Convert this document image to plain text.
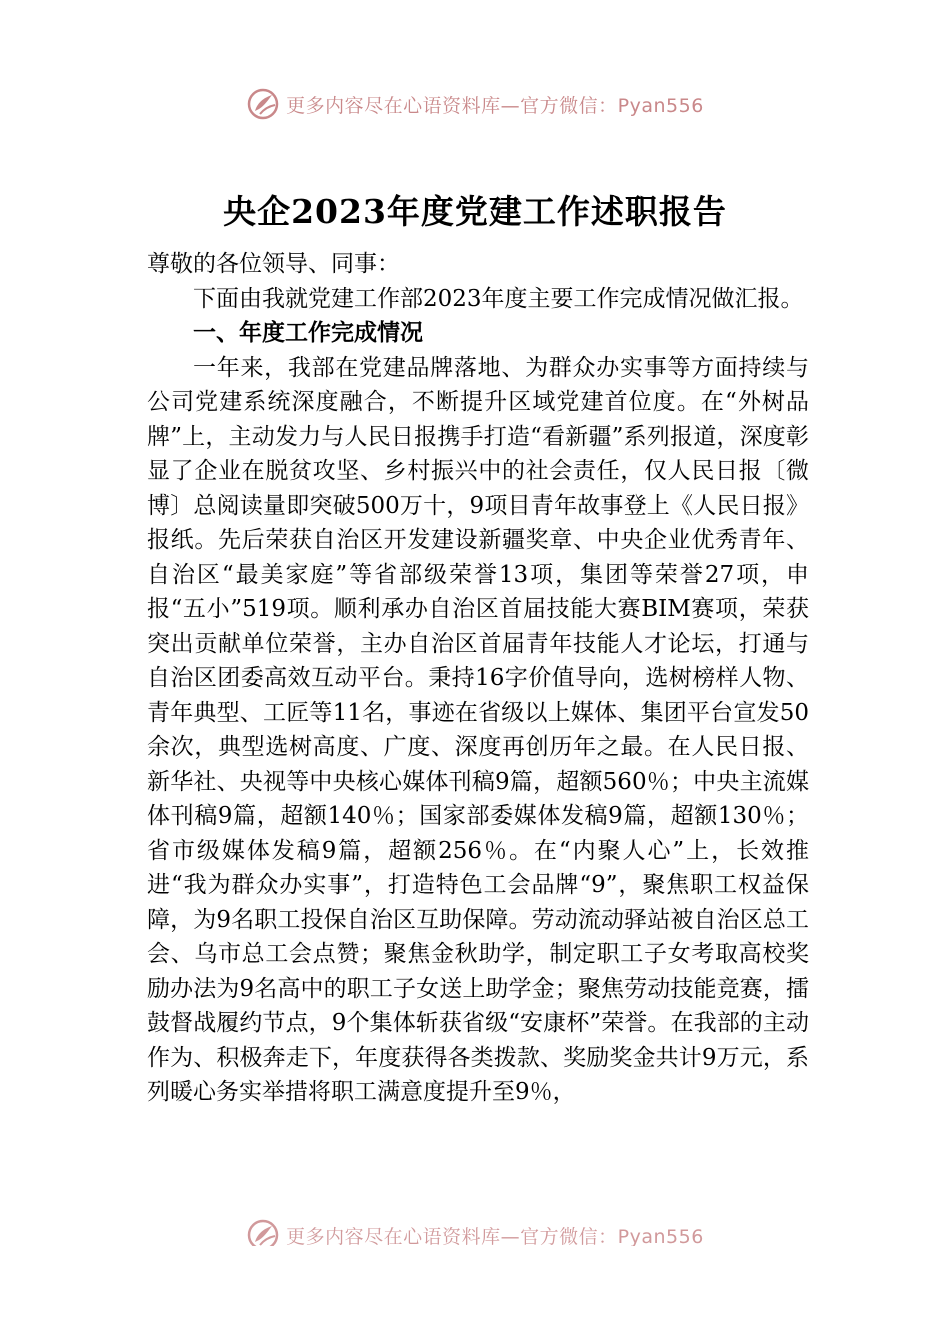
更多内容尽在心语资料库—官方微信：Pyan556
央企2023年度党建工作述职报告

尊敬的各位领导、同事：

下面由我就党建工作部2023年度主要工作完成情况做汇报。

一、年度工作完成情况

一年来，我部在党建品牌落地、为群众办实事等方面持续与公司党建系统深度融合，不断提升区域党建首位度。在“外树品牌”上，主动发力与人民日报携手打造“看新疆”系列报道，深度彰显了企业在脱贫攻坚、乡村振兴中的社会责任，仅人民日报〔微博〕总阅读量即突破500万十，9项目青年故事登上《人民日报》报纸。先后荣获自治区开发建设新疆奖章、中央企业优秀青年、自治区“最美家庭”等省部级荣誉13项，集团等荣誉27项，申报“五小”519项。顺利承办自治区首届技能大赛BIM赛项，荣获突出贡献单位荣誉，主办自治区首届青年技能人才论坛，打通与自治区团委高效互动平台。秉持16字价值导向，选树榜样人物、青年典型、工匠等11名，事迹在省级以上媒体、集团平台宣发50余次，典型选树高度、广度、深度再创历年之最。在人民日报、新华社、央视等中央核心媒体刊稿9篇，超额560％；中央主流媒体刊稿9篇，超额140％；国家部委媒体发稿9篇，超额130％；省市级媒体发稿9篇，超额256％。在“内聚人心”上，长效推进“我为群众办实事”，打造特色工会品牌“9”，聚焦职工权益保障，为9名职工投保自治区互助保障。劳动流动驿站被自治区总工会、乌市总工会点赞；聚焦金秋助学，制定职工子女考取高校奖励办法为9名高中的职工子女送上助学金；聚焦劳动技能竞赛，擂鼓督战履约节点，9个集体斩获省级“安康杯”荣誉。在我部的主动作为、积极奔走下，年度获得各类拨款、奖励奖金共计9万元，系列暖心务实举措将职工满意度提升至9％，

更多内容尽在心语资料库—官方微信：Pyan556
